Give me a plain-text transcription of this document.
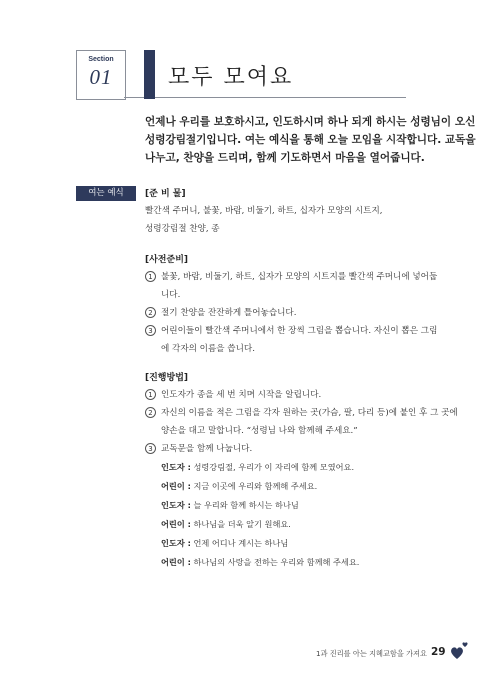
Section
01	모두 모여요

언제나 우리를 보호하시고, 인도하시며 하나 되게 하시는 성령님이 오신
성령강림절기입니다. 여는 예식을 통해 오늘 모임을 시작합니다. 교독을
나누고, 찬양을 드리며, 함께 기도하면서 마음을 열어줍니다.

여는 예식	[준 비 물]
빨간색 주머니, 불꽃, 바람, 비둘기, 하트, 십자가 모양의 시트지,
성령강림절 찬양, 종
[사전준비]
1 불꽃, 바람, 비둘기, 하트, 십자가 모양의 시트지를 빨간색 주머니에 넣어둡
니다.
2 절기 찬양을 잔잔하게 틀어놓습니다.
3 어린이들이 빨간색 주머니에서 한 장씩 그림을 뽑습니다. 자신이 뽑은 그림
에 각자의 이름을 씁니다.
[진행방법]
1 인도자가 종을 세 번 치며 시작을 알립니다.
2 자신의 이름을 적은 그림을 각자 원하는 곳(가슴, 팔, 다리 등)에 붙인 후 그 곳에
양손을 대고 말합니다. “성령님 나와 함께해 주세요.”
3 교독문을 함께 나눕니다.
인도자 : 성령강림절, 우리가 이 자리에 함께 모였어요.
어린이 : 지금 이곳에 우리와 함께해 주세요.
인도자 : 늘 우리와 함께 하시는 하나님
어린이 : 하나님을 더욱 알기 원해요.
인도자 : 언제 어디나 계시는 하나님
어린이 : 하나님의 사랑을 전하는 우리와 함께해 주세요.
1과 진리를 아는 지혜교함을 가져요 29
